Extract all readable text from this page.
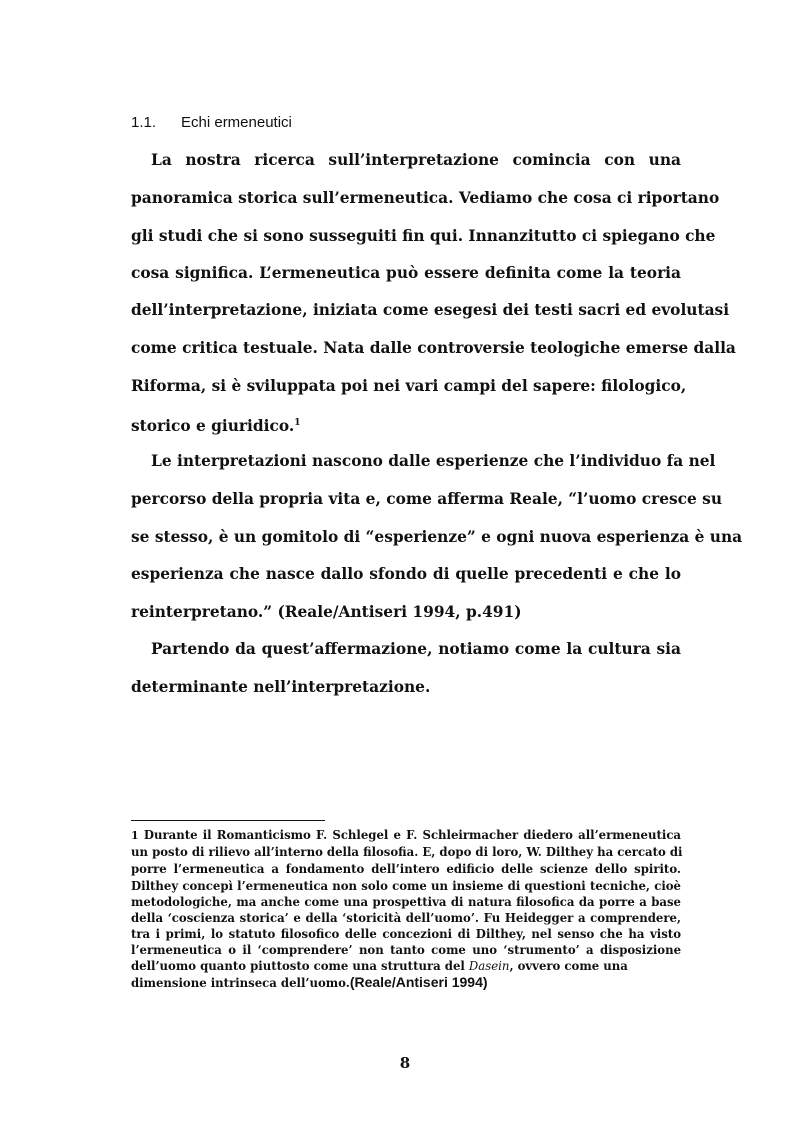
1.1. Echi ermeneutici
La nostra ricerca sull’interpretazione comincia con una
panoramica storica sull’ermeneutica. Vediamo che cosa ci riportano
gli studi che si sono susseguiti fin qui. Innanzitutto ci spiegano che
cosa significa. L’ermeneutica può essere definita come la teoria
dell’interpretazione, iniziata come esegesi dei testi sacri ed evolutasi
come critica testuale. Nata dalle controversie teologiche emerse dalla
Riforma, si è sviluppata poi nei vari campi del sapere: filologico,
storico e giuridico.$^1$
Le interpretazioni nascono dalle esperienze che l’individuo fa nel
percorso della propria vita e, come afferma Reale, “l’uomo cresce su
se stesso, è un gomitolo di “esperienze” e ogni nuova esperienza è una
esperienza che nasce dallo sfondo di quelle precedenti e che lo
reinterpretano.” (Reale/Antiseri 1994, p.491)
Partendo da quest’affermazione, notiamo come la cultura sia
determinante nell’interpretazione.
1 Durante il Romanticismo F. Schlegel e F. Schleirmacher diedero all’ermeneutica
un posto di rilievo all’interno della filosofia. E, dopo di loro, W. Dilthey ha cercato di
porre l’ermeneutica a fondamento dell’intero edificio delle scienze dello spirito.
Dilthey concepì l’ermeneutica non solo come un insieme di questioni tecniche, cioè
metodologiche, ma anche come una prospettiva di natura filosofica da porre a base
della ‘coscienza storica’ e della ‘storicità dell’uomo’. Fu Heidegger a comprendere,
tra i primi, lo statuto filosofico delle concezioni di Dilthey, nel senso che ha visto
l’ermeneutica o il ‘comprendere’ non tanto come uno ‘strumento’ a disposizione
dell’uomo quanto piuttosto come una struttura del Dasein , ovvero come una
dimensione intrinseca dell’uomo.(Reale/Antiseri 1994)
8
